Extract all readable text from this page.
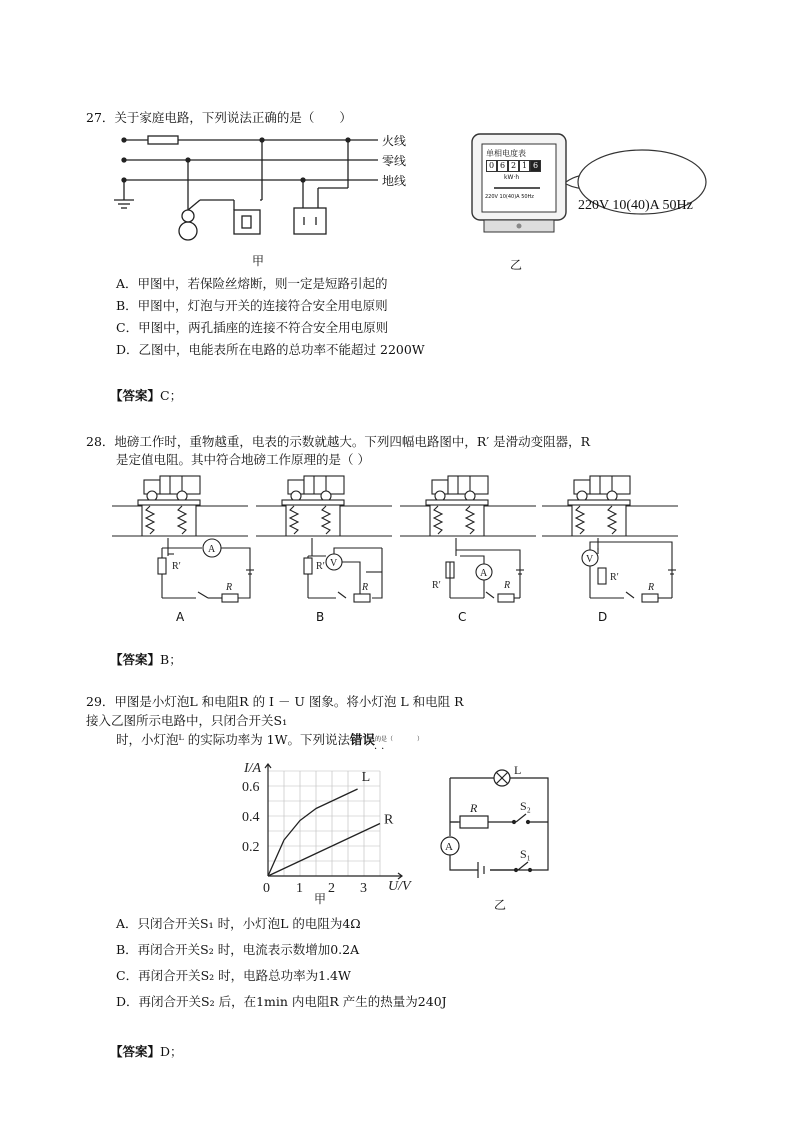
27．关于家庭电路，下列说法正确的是（　　）
火线
零线
地线
甲
单相电度表
0 6 2 1 6
kW·h
220V 10(40)A 50Hz
220V 10(40)A 50Hz
乙
A．甲图中，若保险丝熔断，则一定是短路引起的
B．甲图中，灯泡与开关的连接符合安全用电原则
C．甲图中，两孔插座的连接不符合安全用电原则
D．乙图中，电能表所在电路的总功率不能超过 2200W
【答案】C；
28．地磅工作时，重物越重，电表的示数就越大。下列四幅电路图中，R′ 是滑动变阻器，R
是定值电阻。其中符合地磅工作原理的是（ ）
A
R′
R
V
R′
R
A
R′	R
V
R′
R
A	B	C	D
【答案】B；
29．甲图是小灯泡L 和电阻R 的 I － U 图象。将小灯泡 L 和电阻 R
接入乙图所示电路中，只闭合开关S₁
时，小灯泡ᴸ 的实际功率为 1W。下列说法错误$^{的是( )}$
··
L
R
0 1 2 3
0.2
0.4
0.6
I/A
U/V
甲
L
R	S₂
S₁
A
乙
A．只闭合开关S₁ 时，小灯泡L 的电阻为4Ω
B．再闭合开关S₂ 时，电流表示数增加0.2A
C．再闭合开关S₂ 时，电路总功率为1.4W
D．再闭合开关S₂ 后，在1min 内电阻R 产生的热量为240J
【答案】D；
